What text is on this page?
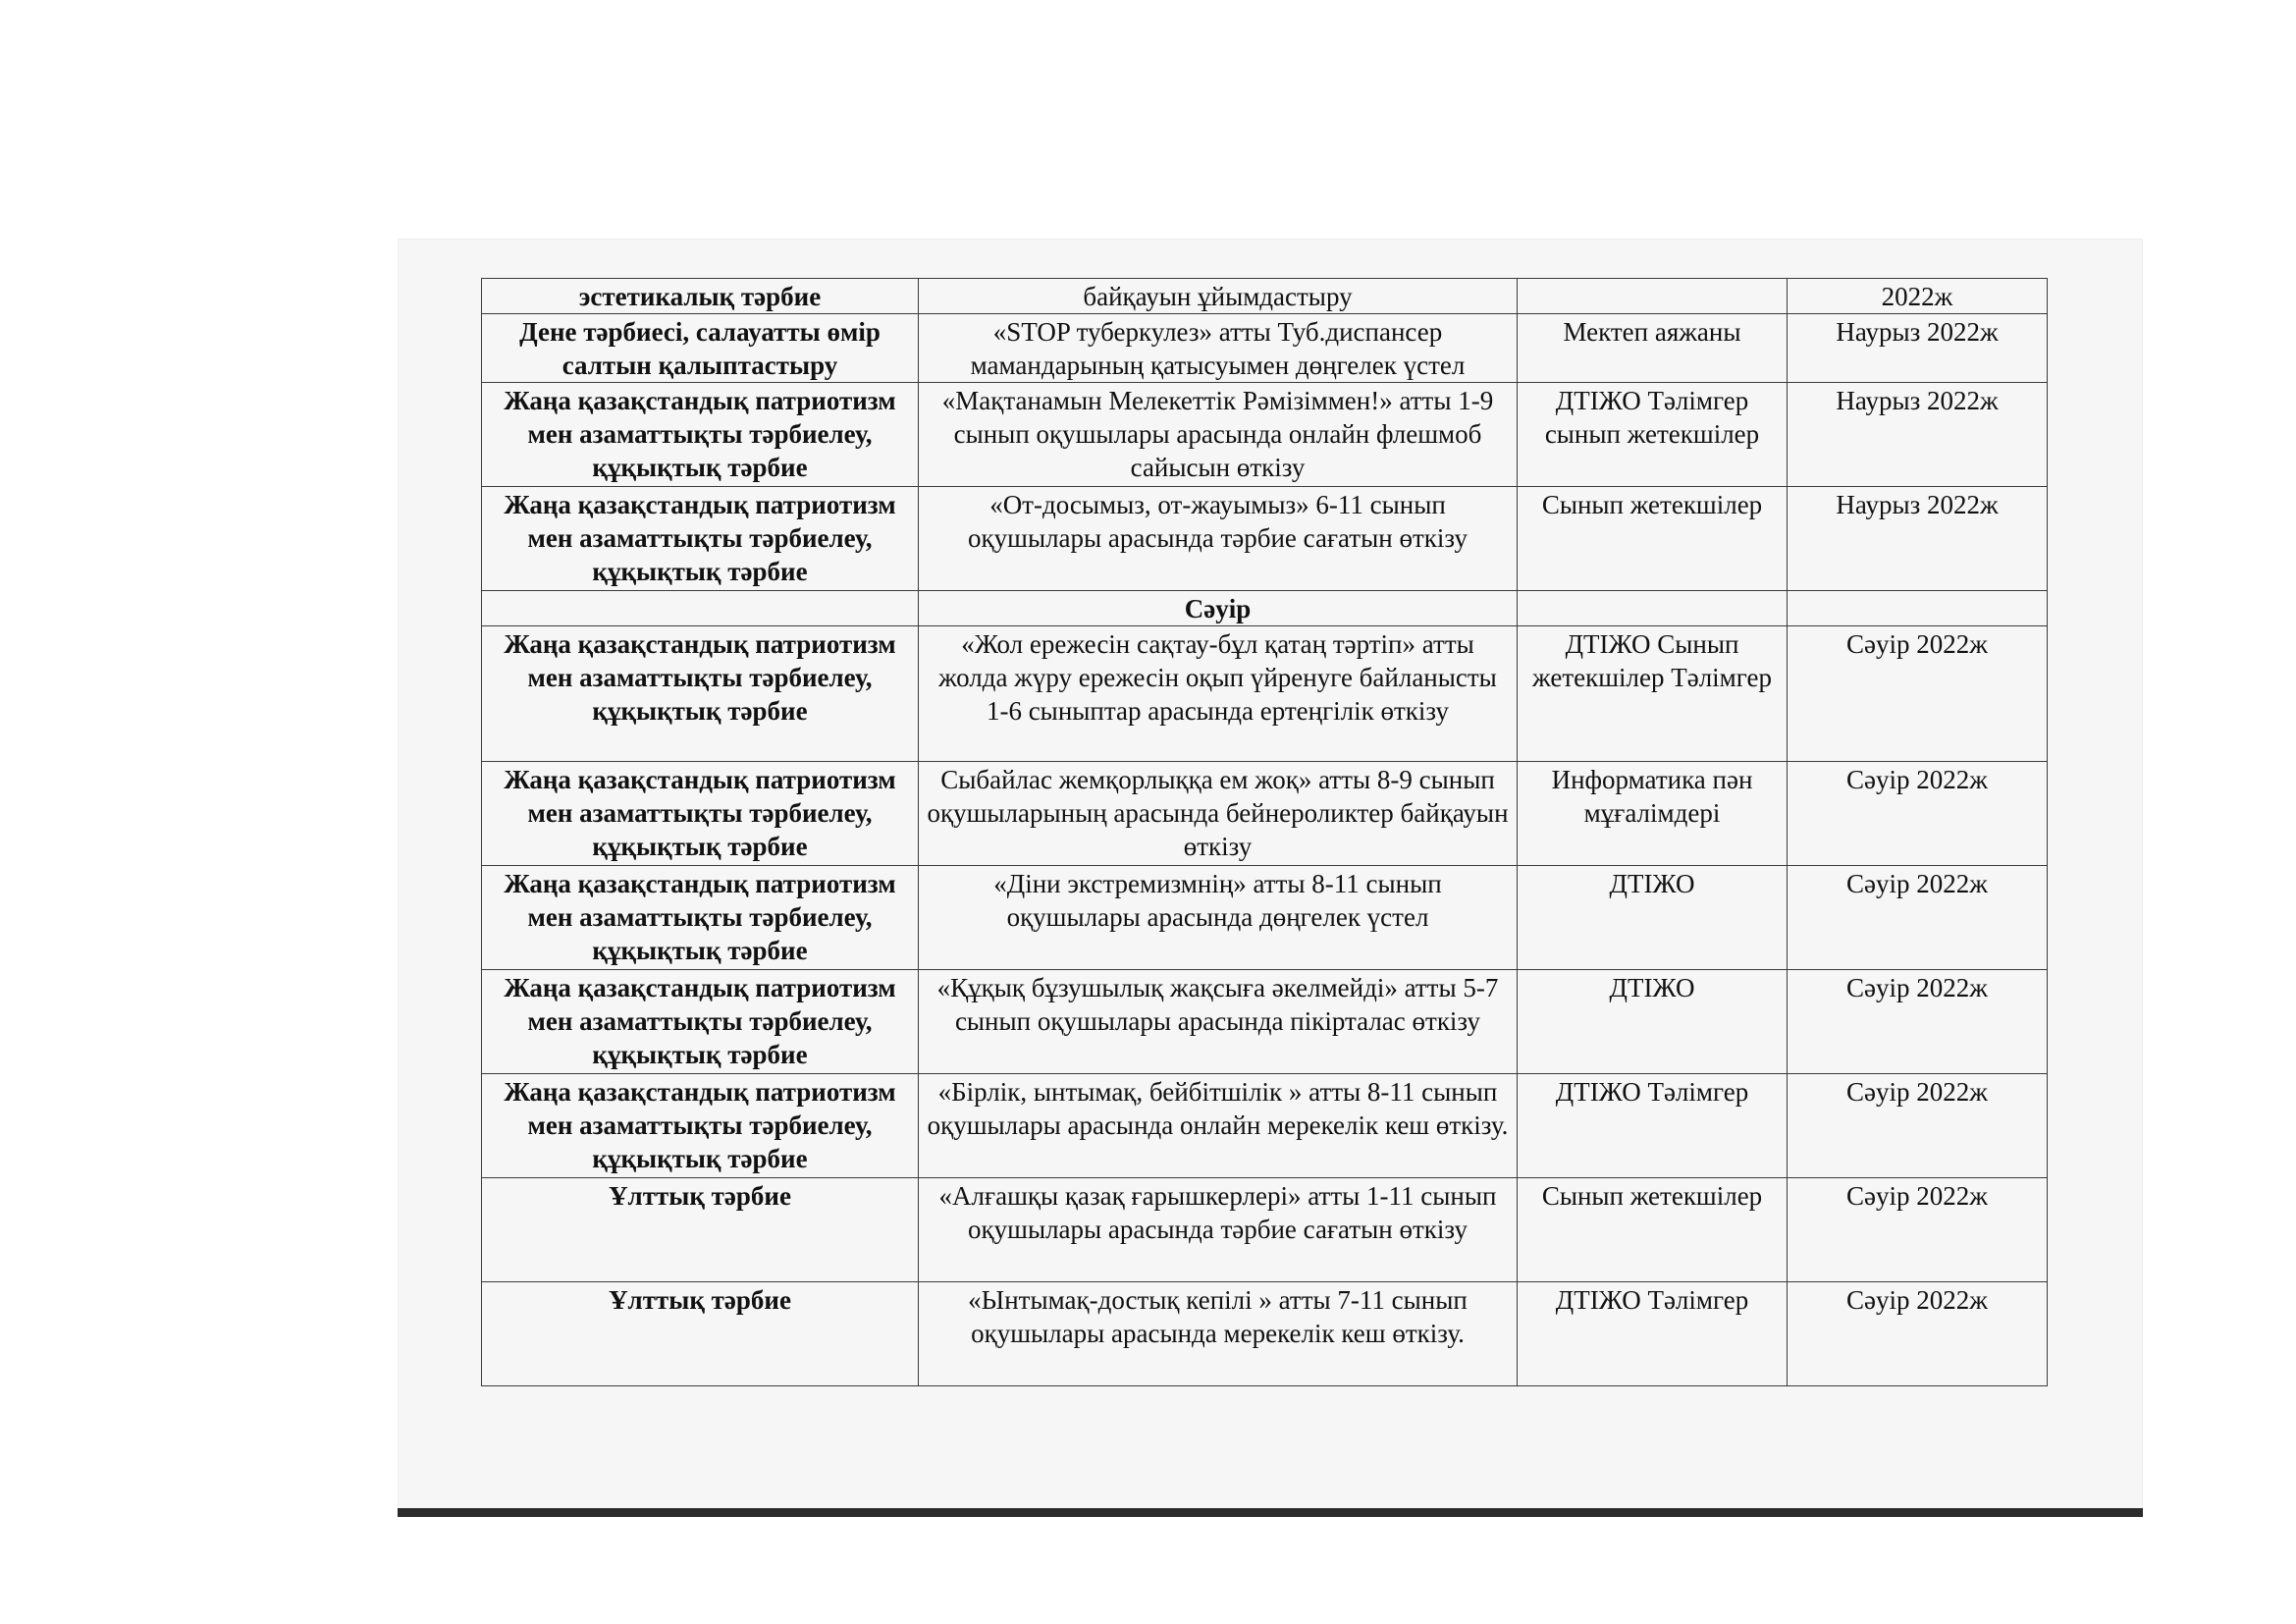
эстетикалық тәрбие	байқауын ұйымдастыру		2022ж
Дене тәрбиесі, салауатты өмір салтын қалыптастыру	«STOP туберкулез» атты Туб.диспансер мамандарының қатысуымен дөңгелек үстел	Мектеп аяжаны	Наурыз 2022ж
Жаңа қазақстандық патриотизм мен азаматтықты тәрбиелеу, құқықтық тәрбие	«Мақтанамын Мелекеттік Рәмізіммен!» атты 1-9 сынып оқушылары арасында онлайн флешмоб сайысын өткізу	ДТІЖО Тәлімгер сынып жетекшілер	Наурыз 2022ж
Жаңа қазақстандық патриотизм мен азаматтықты тәрбиелеу, құқықтық тәрбие	«От-досымыз, от-жауымыз» 6-11 сынып оқушылары арасында тәрбие сағатын өткізу	Сынып жетекшілер	Наурыз 2022ж
	Сәуір		
Жаңа қазақстандық патриотизм мен азаматтықты тәрбиелеу, құқықтық тәрбие	«Жол ережесін сақтау-бұл қатаң тәртіп» атты жолда жүру ережесін оқып үйренуге байланысты 1-6 сыныптар арасында ертеңгілік өткізу	ДТІЖО Сынып жетекшілер Тәлімгер	Сәуір 2022ж
Жаңа қазақстандық патриотизм мен азаматтықты тәрбиелеу, құқықтық тәрбие	Сыбайлас жемқорлыққа ем жоқ» атты 8-9 сынып оқушыларының арасында бейнероликтер байқауын өткізу	Информатика пән мұғалімдері	Сәуір 2022ж
Жаңа қазақстандық патриотизм мен азаматтықты тәрбиелеу, құқықтық тәрбие	«Діни экстремизмнің» атты 8-11 сынып оқушылары арасында дөңгелек үстел	ДТІЖО	Сәуір 2022ж
Жаңа қазақстандық патриотизм мен азаматтықты тәрбиелеу, құқықтық тәрбие	«Құқық бұзушылық жақсыға әкелмейді» атты 5-7 сынып оқушылары арасында пікірталас өткізу	ДТІЖО	Сәуір 2022ж
Жаңа қазақстандық патриотизм мен азаматтықты тәрбиелеу, құқықтық тәрбие	«Бірлік, ынтымақ, бейбітшілік » атты 8-11 сынып оқушылары арасында онлайн мерекелік кеш өткізу.	ДТІЖО Тәлімгер	Сәуір 2022ж
Ұлттық тәрбие	«Алғашқы қазақ ғарышкерлері» атты 1-11 сынып оқушылары арасында тәрбие сағатын өткізу	Сынып жетекшілер	Сәуір 2022ж
Ұлттық тәрбие	«Ынтымақ-достық кепілі » атты 7-11 сынып оқушылары арасында мерекелік кеш өткізу.	ДТІЖО Тәлімгер	Сәуір 2022ж
